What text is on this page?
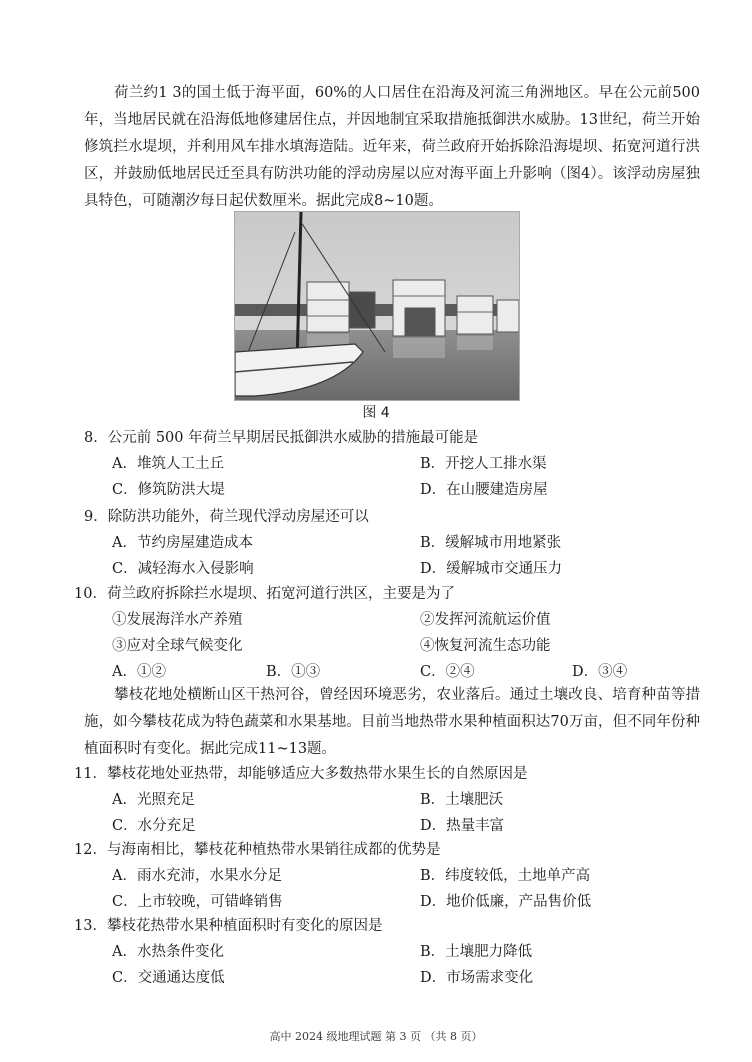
荷兰约1 3的国土低于海平面，60%的人口居住在沿海及河流三角洲地区。早在公元前500年，当地居民就在沿海低地修建居住点，并因地制宜采取措施抵御洪水威胁。13世纪，荷兰开始修筑拦水堤坝，并利用风车排水填海造陆。近年来，荷兰政府开始拆除沿海堤坝、拓宽河道行洪区，并鼓励低地居民迁至具有防洪功能的浮动房屋以应对海平面上升影响（图4）。该浮动房屋独具特色，可随潮汐每日起伏数厘米。据此完成8~10题。
图 4
8．公元前 500 年荷兰早期居民抵御洪水威胁的措施最可能是
A．堆筑人工土丘	B．开挖人工排水渠
C．修筑防洪大堤	D．在山腰建造房屋
9．除防洪功能外，荷兰现代浮动房屋还可以
A．节约房屋建造成本	B．缓解城市用地紧张
C．减轻海水入侵影响	D．缓解城市交通压力
10．荷兰政府拆除拦水堤坝、拓宽河道行洪区，主要是为了
①发展海洋水产养殖	②发挥河流航运价值
③应对全球气候变化	④恢复河流生态功能
A．①②	B．①③	C．②④	D．③④
攀枝花地处横断山区干热河谷，曾经因环境恶劣，农业落后。通过土壤改良、培育种苗等措施，如今攀枝花成为特色蔬菜和水果基地。目前当地热带水果种植面积达70万亩，但不同年份种植面积时有变化。据此完成11~13题。
11．攀枝花地处亚热带，却能够适应大多数热带水果生长的自然原因是
A．光照充足	B．土壤肥沃
C．水分充足	D．热量丰富
12．与海南相比，攀枝花种植热带水果销往成都的优势是
A．雨水充沛，水果水分足	B．纬度较低，土地单产高
C．上市较晚，可错峰销售	D．地价低廉，产品售价低
13．攀枝花热带水果种植面积时有变化的原因是
A．水热条件变化	B．土壤肥力降低
C．交通通达度低	D．市场需求变化
高中 2024 级地理试题 第 3 页 （共 8 页）
